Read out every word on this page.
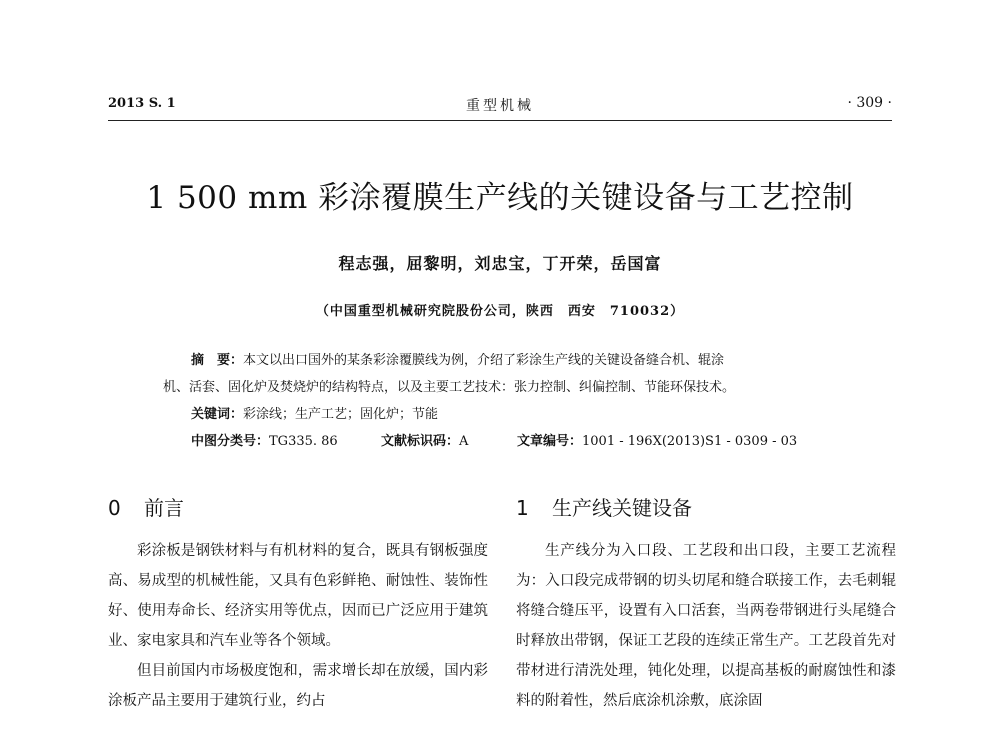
2013 S. 1	重型机械	· 309 ·
1 500 mm 彩涂覆膜生产线的关键设备与工艺控制
程志强，屈黎明，刘忠宝，丁开荣，岳国富
（中国重型机械研究院股份公司，陕西　西安　710032）
摘　要：本文以出口国外的某条彩涂覆膜线为例，介绍了彩涂生产线的关键设备缝合机、辊涂
机、活套、固化炉及焚烧炉的结构特点，以及主要工艺技术：张力控制、纠偏控制、节能环保技术。
关键词：彩涂线；生产工艺；固化炉；节能
中图分类号：TG335. 86	文献标识码：A	文章编号：1001 - 196X(2013)S1 - 0309 - 03
0 前言

彩涂板是钢铁材料与有机材料的复合，既具有钢板强度高、易成型的机械性能，又具有色彩鲜艳、耐蚀性、装饰性好、使用寿命长、经济实用等优点，因而已广泛应用于建筑业、家电家具和汽车业等各个领域。

但目前国内市场极度饱和，需求增长却在放缓，国内彩涂板产品主要用于建筑行业，约占

1 生产线关键设备

生产线分为入口段、工艺段和出口段，主要工艺流程为：入口段完成带钢的切头切尾和缝合联接工作，去毛刺辊将缝合缝压平，设置有入口活套，当两卷带钢进行头尾缝合时释放出带钢，保证工艺段的连续正常生产。工艺段首先对带材进行清洗处理，钝化处理，以提高基板的耐腐蚀性和漆料的附着性，然后底涂机涂敷，底涂固
